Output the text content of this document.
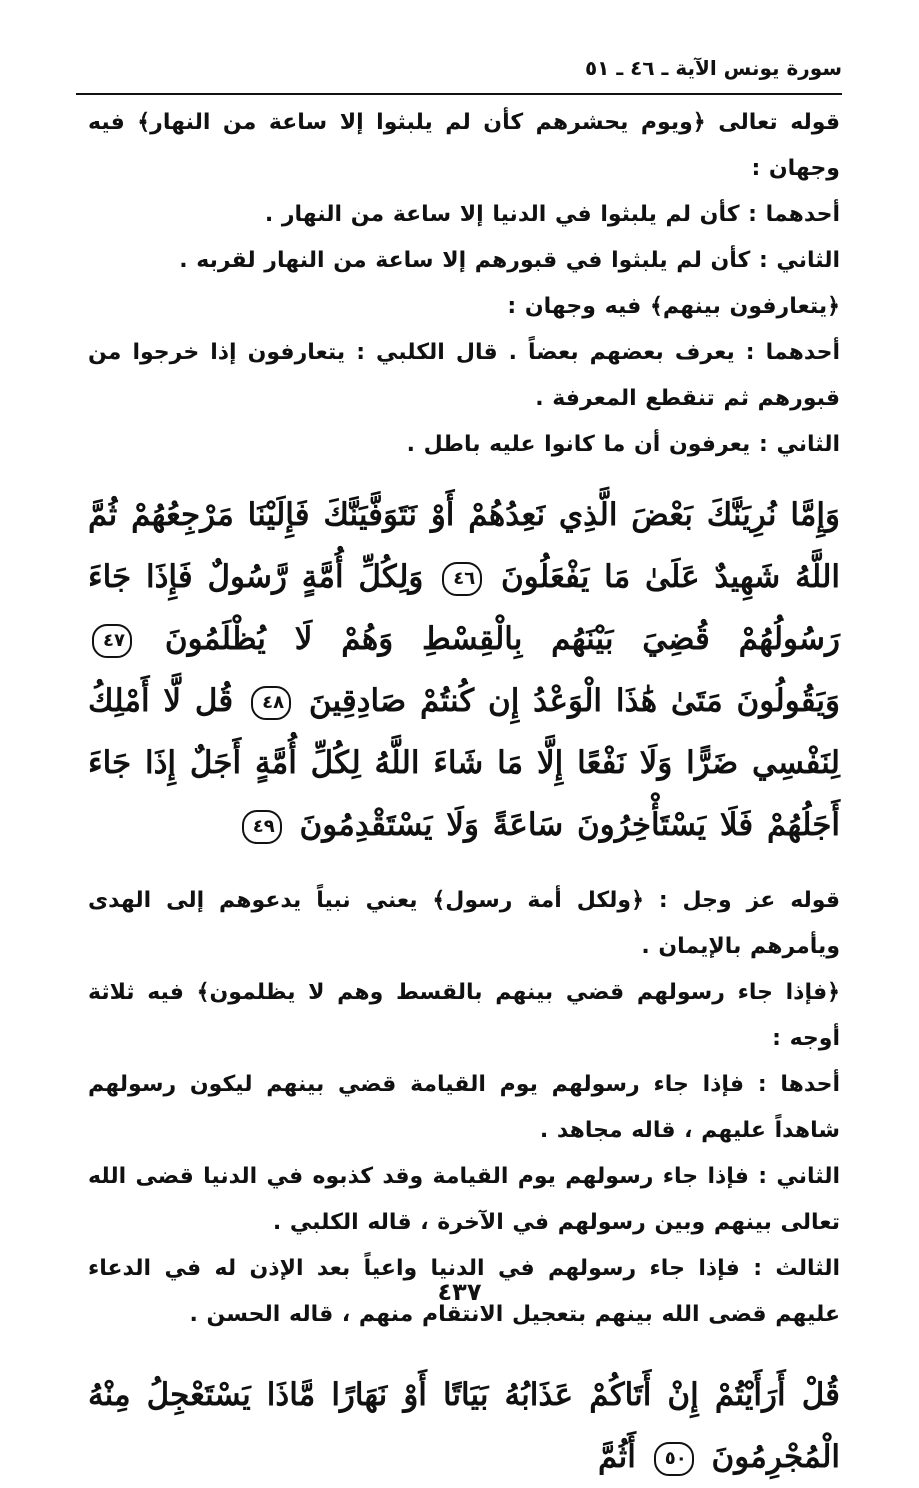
سورة يونس الآية ـ ٤٦ ـ ٥١

قوله تعالى ﴿ويوم يحشرهم كأن لم يلبثوا إلا ساعة من النهار﴾ فيه وجهان :

أحدهما : كأن لم يلبثوا في الدنيا إلا ساعة من النهار .

الثاني : كأن لم يلبثوا في قبورهم إلا ساعة من النهار لقربه .

﴿يتعارفون بينهم﴾ فيه وجهان :

أحدهما : يعرف بعضهم بعضاً . قال الكلبي : يتعارفون إذا خرجوا من قبورهم ثم تنقطع المعرفة .

الثاني : يعرفون أن ما كانوا عليه باطل .

وَإِمَّا نُرِيَنَّكَ بَعْضَ الَّذِي نَعِدُهُمْ أَوْ نَتَوَفَّيَنَّكَ فَإِلَيْنَا مَرْجِعُهُمْ ثُمَّ اللَّهُ شَهِيدٌ عَلَىٰ مَا يَفْعَلُونَ ٤٦ وَلِكُلِّ أُمَّةٍ رَّسُولٌ فَإِذَا جَاءَ رَسُولُهُمْ قُضِيَ بَيْنَهُم بِالْقِسْطِ وَهُمْ لَا يُظْلَمُونَ ٤٧ وَيَقُولُونَ مَتَىٰ هَٰذَا الْوَعْدُ إِن كُنتُمْ صَادِقِينَ ٤٨ قُل لَّا أَمْلِكُ لِنَفْسِي ضَرًّا وَلَا نَفْعًا إِلَّا مَا شَاءَ اللَّهُ لِكُلِّ أُمَّةٍ أَجَلٌ إِذَا جَاءَ أَجَلُهُمْ فَلَا يَسْتَأْخِرُونَ سَاعَةً وَلَا يَسْتَقْدِمُونَ ٤٩

قوله عز وجل : ﴿ولكل أمة رسول﴾ يعني نبياً يدعوهم إلى الهدى ويأمرهم بالإيمان .

﴿فإذا جاء رسولهم قضي بينهم بالقسط وهم لا يظلمون﴾ فيه ثلاثة أوجه :

أحدها : فإذا جاء رسولهم يوم القيامة قضي بينهم ليكون رسولهم شاهداً عليهم ، قاله مجاهد .

الثاني : فإذا جاء رسولهم يوم القيامة وقد كذبوه في الدنيا قضى الله تعالى بينهم وبين رسولهم في الآخرة ، قاله الكلبي .

الثالث : فإذا جاء رسولهم في الدنيا واعياً بعد الإذن له في الدعاء عليهم قضى الله بينهم بتعجيل الانتقام منهم ، قاله الحسن .

قُلْ أَرَأَيْتُمْ إِنْ أَتَاكُمْ عَذَابُهُ بَيَاتًا أَوْ نَهَارًا مَّاذَا يَسْتَعْجِلُ مِنْهُ الْمُجْرِمُونَ ٥٠ أَثُمَّ

٤٣٧
